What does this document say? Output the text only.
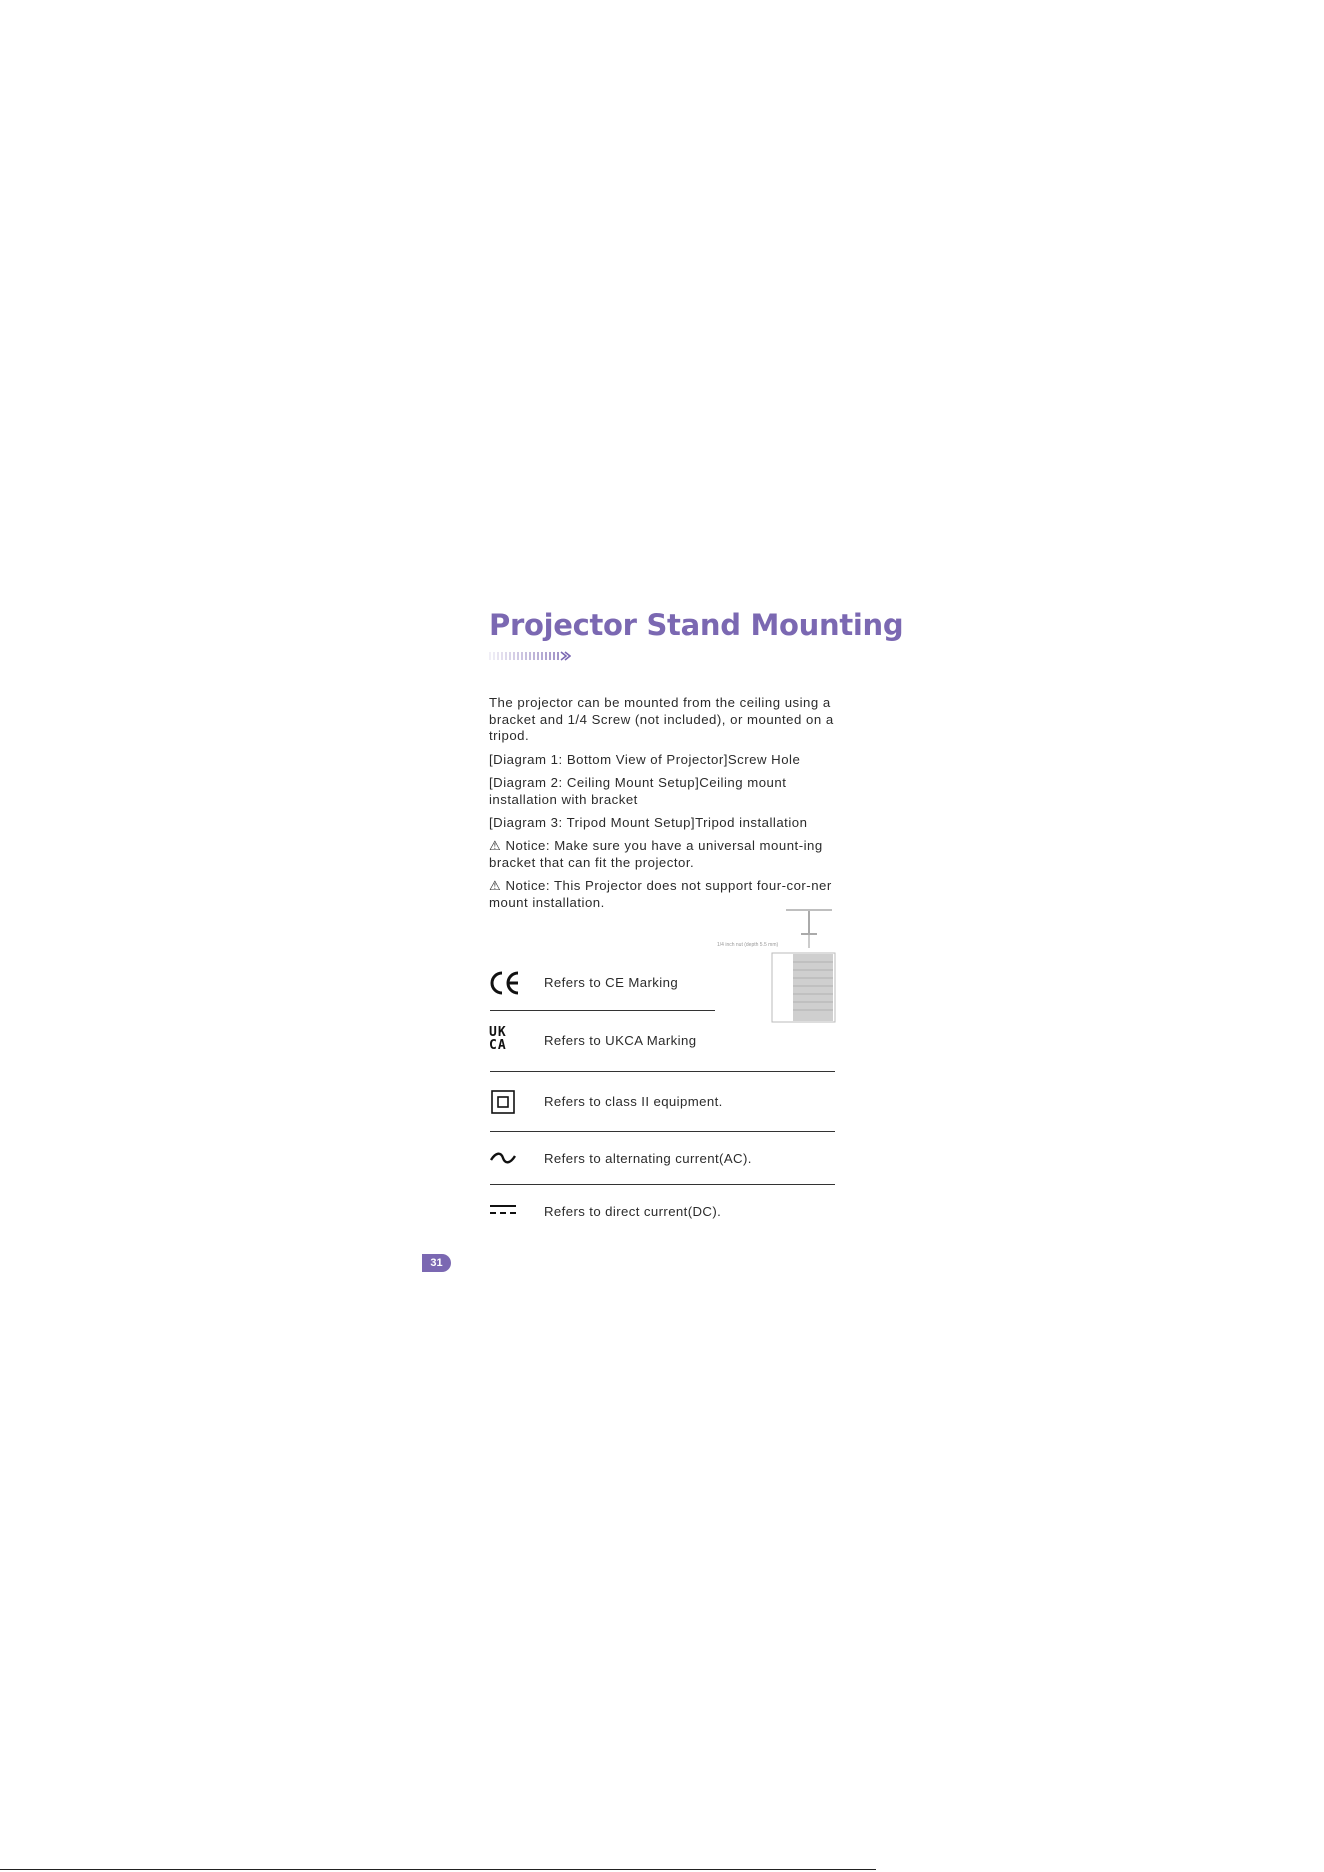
Projector Stand Mounting
The projector can be mounted from the ceiling using a bracket and 1/4 Screw (not included), or mounted on a tripod.
[Diagram 1: Bottom View of Projector]Screw Hole
[Diagram 2: Ceiling Mount Setup]Ceiling mount installation with bracket
[Diagram 3: Tripod Mount Setup]Tripod installation
⚠ Notice: Make sure you have a universal mount-ing bracket that can fit the projector.
⚠ Notice: This Projector does not support four-cor-ner mount installation.
1/4 inch nut (depth 5.5 mm)
Refers to CE Marking
UK
CA	Refers to UKCA Marking
Refers to class II equipment.
Refers to alternating current(AC).
Refers to direct current(DC).
31
